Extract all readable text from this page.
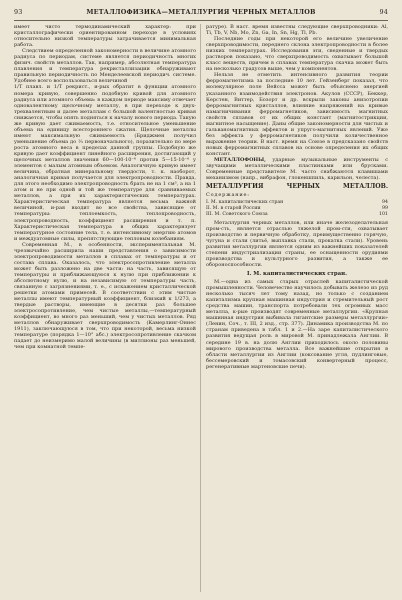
93	МЕТАЛЛОФИЗИКА—МЕТАЛЛУРГИЯ ЧЕРНЫХ МЕТАЛЛОВ	94

имеет чисто термодинамический характер: при кристаллографически ориентированном переходе в условиях относительно низкой температуры затрачивается минимальная работа.

Следствием определенной закономерности в величине атомного радиуса по периодам, системе является периодичность многих физич. свойств металлов. Так, например, абсолютная температура плавления и температура рекристаллизации обнаруживают правильную периодичность по Менделеевской периодич. системе. Удобнее всего воспользоваться величиной

1/Т плавл. и 1/Т рекрист., и-рых обратит в функции атомного номера кривую, совершенно подобную кривой для атомного радиуса или атомного объема: в каждом периоде максиму отвечает одновалентному щелочному металлу, в при переходе к двух-трехвалентным и далее металлам с большой валентностью кривая снижается, чтобы опять подняться к началу нового периода. Такую же кривую дает сжимаемость, т.е. относительное уменьшение объема на единицу всестороннего сжатия. Щелочные металлы имеют максимальную сжимаемость (Бриджмен получил уменьшение объема до ⅓ первоначального), поразительно по мере роста атомного веса в пределах данной группы. Подобную же кривую дает коэффициент линейного расширения, достигающий у щелочных металлов значения 60—100·10⁻⁶ против 5—15·10⁻⁶ у элементов с малым атомным объемом. Аналогичную кривую имеет величина, обратная минеральному твердости, т. к. наоборот, аналогичная кривая получается для электропроводности. Правда, для этого необходимо электропроводность брать не на 1 см³, а на 1 атом и не при одной и той же температуре для сравниваемых металлов, а при их характеристических температурах. Характеристическая температура является весьма важной величиной, и-рая входит во все свойства, зависящие от температуры: теплоемкость, теплопроводность, электропроводность, коэффициент расширения и т. п. Характеристическая температура в общих характеризует температурное состояние тела, т. е. интенсивному энергию атомов и междуатомные силы, препятствующие тепловым колебаниям.

Современная М., в особенности, экспериментальная М. чрезвычайно расширила наши представления о зависимости электропроводимости металлов в сплавах от температуры и от состава сплава. Оказалось, что электросопротивление металла может быть разложено на две части: на часть, зависящую от температуры и приближающуюся к нулю при приближении к абсолютному нулю, и на независимую от температуры часть, связанную с загрязнениями, т. е., с искажением кристаллической решетки атомами примесей. В соответствии с этим чистые металлы имеют температурный коэффициент, близкий к 1/273, а твердые растворы, имеющие в десятки раз большее электросопротивление, чем чистые металлы,—температурный коэффициент, во много раз меньший, чем у чистых металлов. Ряд металлов обнаруживает сверхпроводимость (Камерлинг-Оннес 1911), заключающуюся в том, что при некоторой, весьма низкой температуре (порядка 1—10° абс.) электросопротивление скачком падает до неизмеримо малой величины (в миллионы раз меньшей, чем при комнатной темпе-

ратуре). В наст. время известны следующие сверхпроводники: Al, Ti, Tb, V, Nb, Mo, Zn, Ga, In, Sn, Hg, Tl, Pb.

Последние годы при некоторой его величине увеличение сверхпроводимости, переднего склона электропроводности в более низких температурах. Исследования эти, сведенные и твердых растворов показано, что сверхпроводимость охватывает большой класс веществ, причем в сплавах температура скачка может быть на несколько градусов выше, чем у компонентов.

Нельзя не отметить интенсивного развития теории ферромагнетизма за последние 10 лет. Гейзенберг показал, что молекулярное поле Вейсса может быть объяснено энергией указанного взаимодействия электронов. Акулов (СССР), Беккер, Керстен, Виттер, Бозорт и др. вскрыли законы анизотропии ферромагнитных кристаллов, влияние напряжений на кривые намагничивания ферромагнетиков, зависимость магнитных свойств сплавов от их общих констант (магнитострикции, магнитное насыщение). Даны общие закономерности для чистых и гальваномагнитных эффектов и упруго-магнитных явлений. Уже без эффекта у ферромагнетиков получили количественное выражение теории. В наст. время на Союзе в предсказано свойств новых ферромагнитных сплавов на основе определения их общих констант.

МЕТАЛЛОФОНЫ, ударные музыкальные инструменты с звучащими металлическими пластинками или брусками. Современные представителе М. часто снабжаются клавишами механизмом (напр., вибрафон, глокеншпиль, карильон, челеста).

МЕТАЛЛУРГИЯ ЧЕРНЫХ МЕТАЛЛОВ. Содержание:
I. М. капиталистических стран	94
II. М. в старой России	99
III. М. Советского Союза	101

Металлургия черных металлов, или иначе железоделательная пром-сть, является отраслью тяжелой пром-сти, охватывает производство и первичную обработку, преимущественно горячую, чугуна и стали (литьё, выплавка стали, прокатка стали). Уровень развития металлургии является одним из важнейших показателей степени индустриализации страны, ее оснащенности орудиями производства и культурного развития, а также ее обороноспособности.

I. М. капиталистических стран.

М.—одна из самых старых отраслей капиталистической промышленности. Человечество научилось добывать железо из руд несколько тысяч лет тому назад, но только с созданием капитализма крупная машинная индустрия и стремительный рост средства машин, транспорта потребовали тех огромных масс металла, к-рые производят современные металлургии. «Крупная машинная индустрия выбивала гигантские размеры металлургии» (Ленин, Соч., т. III, 2 изд., стр. 377). Динамика производства М. по странам приведена в табл. 1 и 2.—На заре капиталистического развития ведущая роль в мировой М. принадлежала Англии. В середине 19 в. на долю Англии приходилось около половины мирового производства металла. Все важнейшие открытия в области металлургии из Англии (коксование угля, пудлинговые, бессемеровский и томасовский конвертерный процесс, регенеративные мартеновские печи).
